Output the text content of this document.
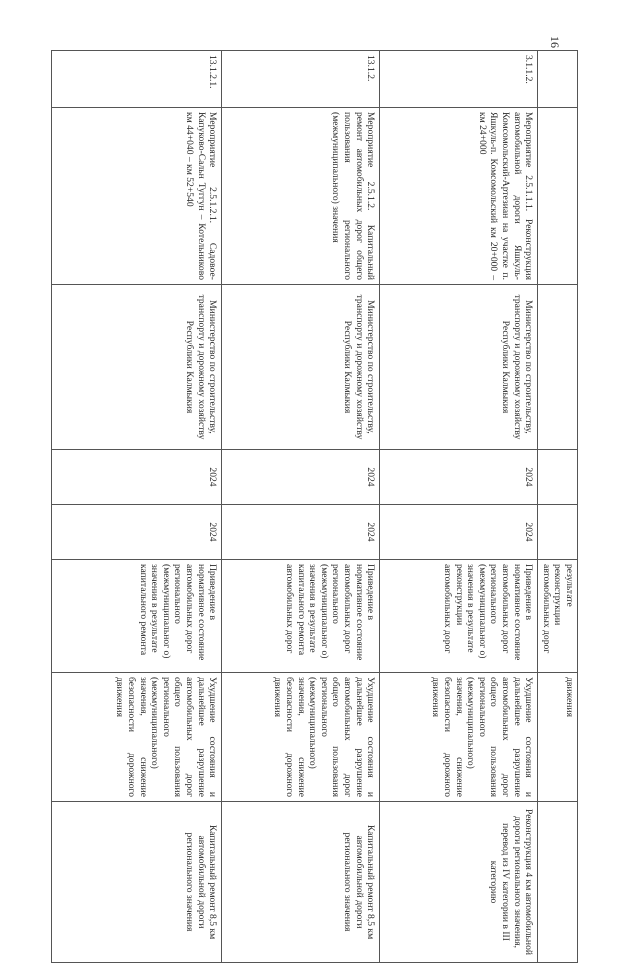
16
					результате реконструкции автомобильных дорог	движения	
3.1.1.2.	Мероприятие 2.5.1.1.1. Реконструкция автомобильной дороги Яшкуль-Комсомольский-Артезиан на участке п. Яшкуль-п. Комсомольский км 20+000 – км 24+000	Министерство по строительству, транспорту и дорожному хозяйству Республики Калмыкия	2024	2024	Приведение в нормативное состояние автомобильных дорог регионального (межмуниципальног о) значения в результате реконструкции автомобильных дорог	Ухудшение состояния и дальнейшее разрушение автомобильных дорог общего пользования регионального (межмуниципального) значения, снижение безопасности дорожного движения	Реконструкция 4 км автомобильной дороги регионального значения, перевод из IV категории в III категорию
13.1.2.	Мероприятие 2.5.1.2. Капитальный ремонт автомобильных дорог общего пользования регионального (межмуниципального) значения	Министерство по строительству, транспорту и дорожному хозяйству Республики Калмыкия	2024	2024	Приведение в нормативное состояние автомобильных дорог регионального (межмуниципальног о) значения в результате капитального ремонта автомобильных дорог	Ухудшение состояния и дальнейшее разрушение автомобильных дорог общего пользования регионального (межмуниципального) значения, снижение безопасности дорожного движения	Капитальный ремонт 8,5 км автомобильной дороги регионального значения
13.1.2.1.	Мероприятие 2.5.1.2.1. Садовое-Капуково-Сальн Туггун – Котельниково км 44+040 – км 52+540	Министерство по строительству, транспорту и дорожному хозяйству Республики Калмыкия	2024	2024	Приведение в нормативное состояние автомобильных дорог регионального (межмуниципальног о) значения в результате капитального ремонта	Ухудшение состояния и дальнейшее разрушение автомобильных дорог общего пользования регионального (межмуниципального) значения, снижение безопасности дорожного движения	Капитальный ремонт 8,5 км автомобильной дороги регионального значения
